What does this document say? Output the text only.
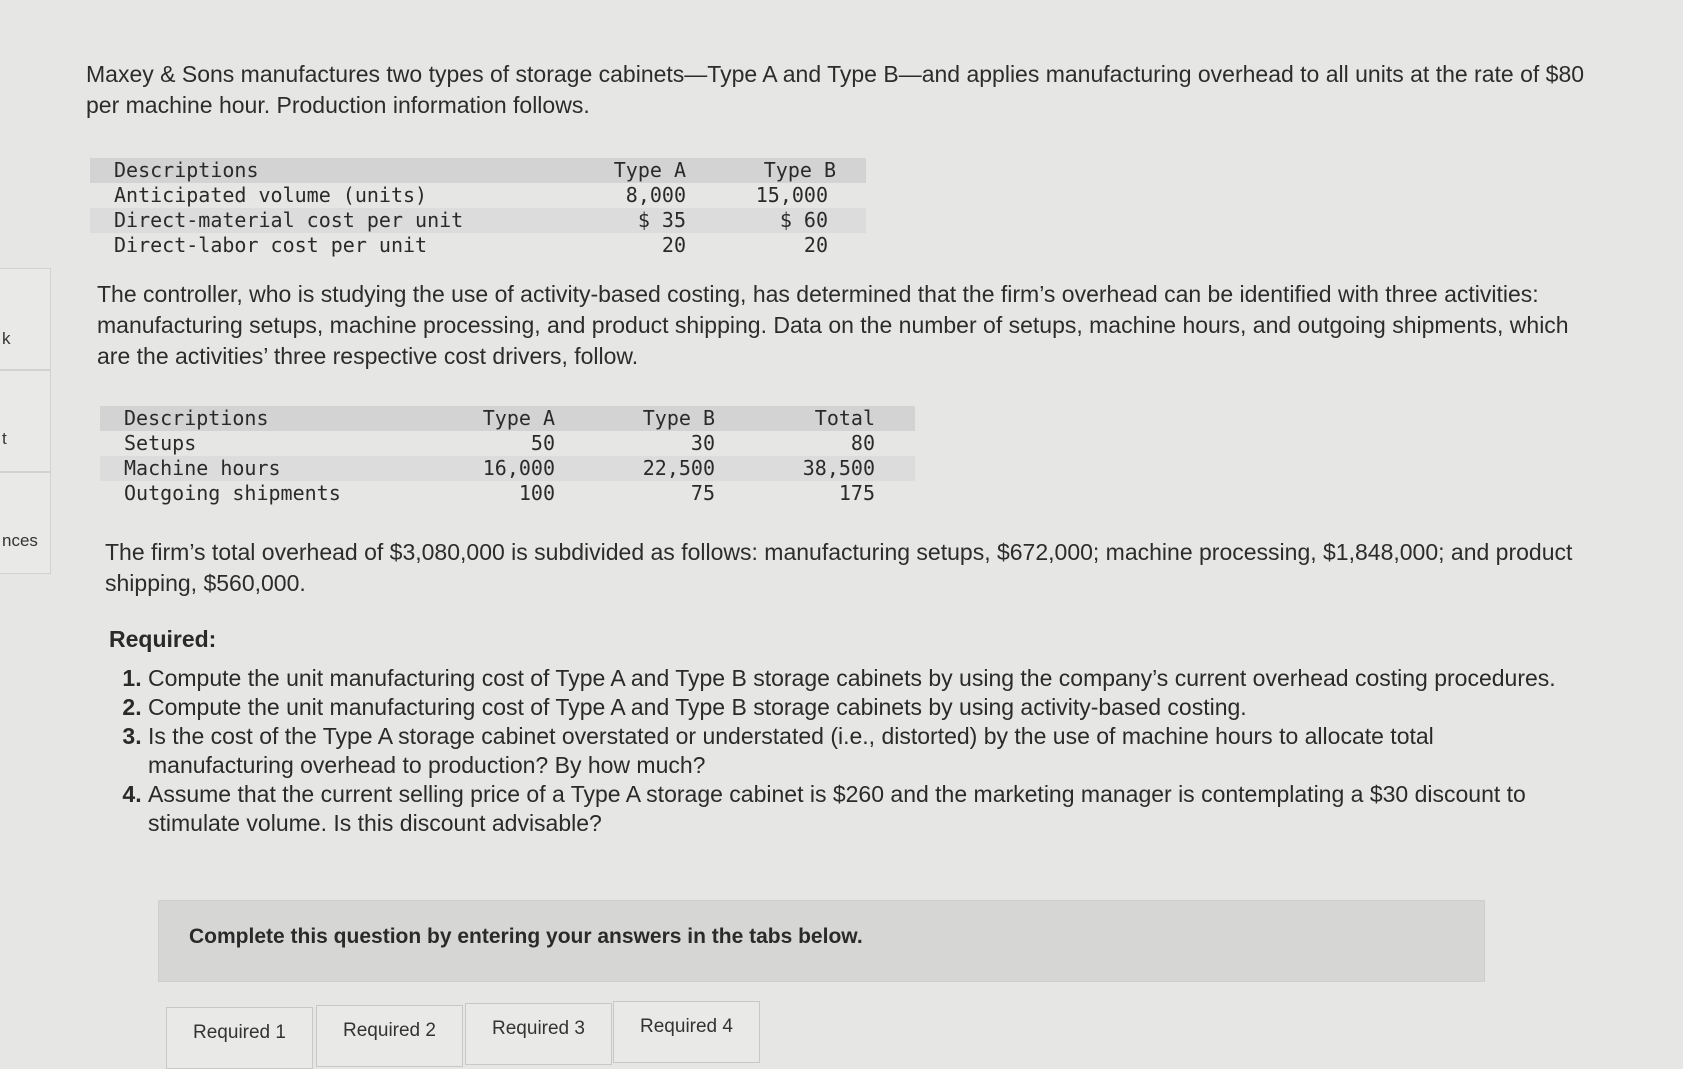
k
t
nces
Maxey & Sons manufactures two types of storage cabinets—Type A and Type B—and applies manufacturing overhead to all units at the rate of $80 per machine hour. Production information follows.
Descriptions	Type A	Type B
Anticipated volume (units)	8,000	15,000
Direct-material cost per unit	$ 35	$ 60
Direct-labor cost per unit	20	20
The controller, who is studying the use of activity-based costing, has determined that the firm’s overhead can be identified with three activities: manufacturing setups, machine processing, and product shipping. Data on the number of setups, machine hours, and outgoing shipments, which are the activities’ three respective cost drivers, follow.
Descriptions	Type A	Type B	Total
Setups	50	30	80
Machine hours	16,000	22,500	38,500
Outgoing shipments	100	75	175
The firm’s total overhead of $3,080,000 is subdivided as follows: manufacturing setups, $672,000; machine processing, $1,848,000; and product shipping, $560,000.
Required:
1. Compute the unit manufacturing cost of Type A and Type B storage cabinets by using the company’s current overhead costing procedures.
2. Compute the unit manufacturing cost of Type A and Type B storage cabinets by using activity-based costing.
3. Is the cost of the Type A storage cabinet overstated or understated (i.e., distorted) by the use of machine hours to allocate total manufacturing overhead to production? By how much?
4. Assume that the current selling price of a Type A storage cabinet is $260 and the marketing manager is contemplating a $30 discount to stimulate volume. Is this discount advisable?
Complete this question by entering your answers in the tabs below.
Required 1	Required 2	Required 3	Required 4
